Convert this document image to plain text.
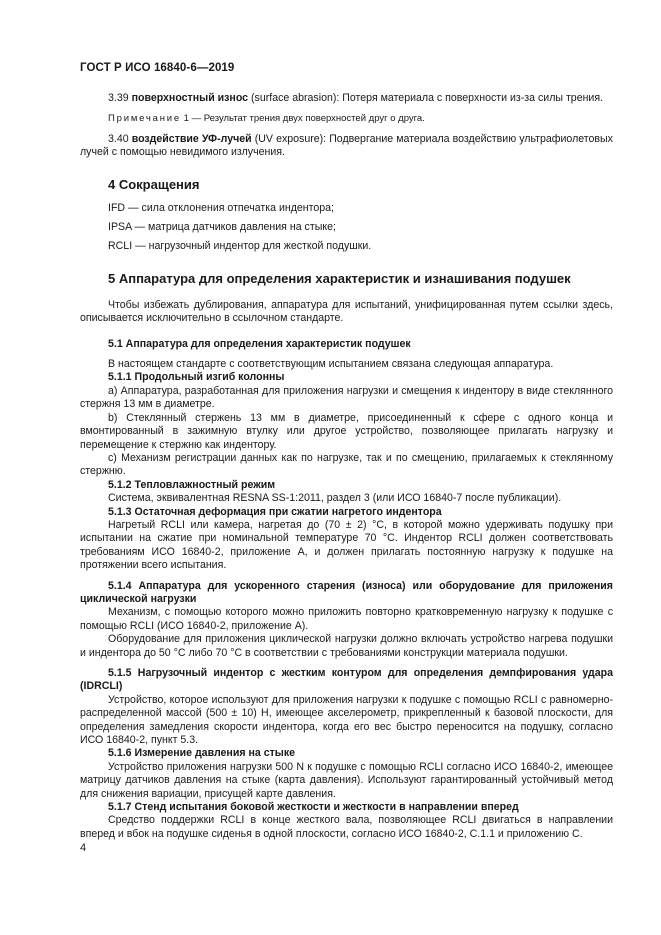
ГОСТ Р ИСО 16840-6—2019

3.39 поверхностный износ (surface abrasion): Потеря материала с поверхности из-за силы трения.

Примечание 1 — Результат трения двух поверхностей друг о друга.

3.40 воздействие УФ-лучей (UV exposure): Подвергание материала воздействию ультрафиолетовых лучей с помощью невидимого излучения.

4 Сокращения

IFD — сила отклонения отпечатка индентора;

IPSA — матрица датчиков давления на стыке;

RCLI — нагрузочный индентор для жесткой подушки.

5 Аппаратура для определения характеристик и изнашивания подушек

Чтобы избежать дублирования, аппаратура для испытаний, унифицированная путем ссылки здесь, описывается исключительно в ссылочном стандарте.

5.1 Аппаратура для определения характеристик подушек

В настоящем стандарте с соответствующим испытанием связана следующая аппаратура.

5.1.1 Продольный изгиб колонны

a) Аппаратура, разработанная для приложения нагрузки и смещения к индентору в виде стеклянного стержня 13 мм в диаметре.

b) Стеклянный стержень 13 мм в диаметре, присоединенный к сфере с одного конца и вмонтированный в зажимную втулку или другое устройство, позволяющее прилагать нагрузку и перемещение к стержню как индентору.

c) Механизм регистрации данных как по нагрузке, так и по смещению, прилагаемых к стеклянному стержню.

5.1.2 Тепловлажностный режим

Система, эквивалентная RESNA SS-1:2011, раздел 3 (или ИСО 16840-7 после публикации).

5.1.3 Остаточная деформация при сжатии нагретого индентора

Нагретый RCLI или камера, нагретая до (70 ± 2) °C, в которой можно удерживать подушку при испытании на сжатие при номинальной температуре 70 °C. Индентор RCLI должен соответствовать требованиям ИСО 16840-2, приложение A, и должен прилагать постоянную нагрузку к подушке на протяжении всего испытания.

5.1.4 Аппаратура для ускоренного старения (износа) или оборудование для приложения циклической нагрузки

Механизм, с помощью которого можно приложить повторно кратковременную нагрузку к подушке с помощью RCLI (ИСО 16840-2, приложение A).

Оборудование для приложения циклической нагрузки должно включать устройство нагрева подушки и индентора до 50 °C либо 70 °C в соответствии с требованиями конструкции материала подушки.

5.1.5 Нагрузочный индентор с жестким контуром для определения демпфирования удара (IDRCLI)

Устройство, которое используют для приложения нагрузки к подушке с помощью RCLI с равномерно-распределенной массой (500 ± 10) Н, имеющее акселерометр, прикрепленный к базовой плоскости, для определения замедления скорости индентора, когда его вес быстро переносится на подушку, согласно ИСО 16840-2, пункт 5.3.

5.1.6 Измерение давления на стыке

Устройство приложения нагрузки 500 N к подушке с помощью RCLI согласно ИСО 16840-2, имеющее матрицу датчиков давления на стыке (карта давления). Используют гарантированный устойчивый метод для снижения вариации, присущей карте давления.

5.1.7 Стенд испытания боковой жесткости и жесткости в направлении вперед

Средство поддержки RCLI в конце жесткого вала, позволяющее RCLI двигаться в направлении вперед и вбок на подушке сиденья в одной плоскости, согласно ИСО 16840-2, С.1.1 и приложению С.

4
